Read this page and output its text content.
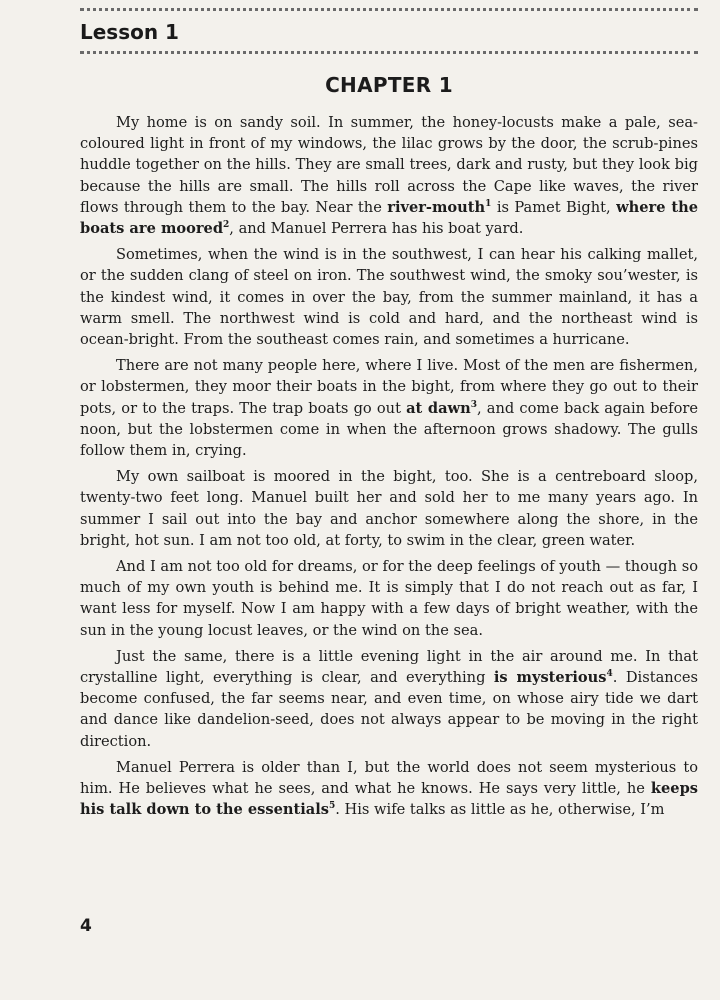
Lesson 1
CHAPTER 1

My home is on sandy soil. In summer, the honey-locusts make a pale, sea-coloured light in front of my windows, the lilac grows by the door, the scrub-pines huddle together on the hills. They are small trees, dark and rusty, but they look big because the hills are small. The hills roll across the Cape like waves, the river flows through them to the bay. Near the river-mouth$^1$ is Pamet Bight, where the boats are moored$^2$, and Manuel Perrera has his boat yard.

Sometimes, when the wind is in the southwest, I can hear his calking mallet, or the sudden clang of steel on iron. The southwest wind, the smoky sou’wester, is the kindest wind, it comes in over the bay, from the summer mainland, it has a warm smell. The northwest wind is cold and hard, and the northeast wind is ocean-bright. From the southeast comes rain, and sometimes a hurricane.

There are not many people here, where I live. Most of the men are fishermen, or lobstermen, they moor their boats in the bight, from where they go out to their pots, or to the traps. The trap boats go out at dawn$^3$, and come back again before noon, but the lobstermen come in when the afternoon grows shadowy. The gulls follow them in, crying.

My own sailboat is moored in the bight, too. She is a centreboard sloop, twenty-two feet long. Manuel built her and sold her to me many years ago. In summer I sail out into the bay and anchor somewhere along the shore, in the bright, hot sun. I am not too old, at forty, to swim in the clear, green water.

And I am not too old for dreams, or for the deep feelings of youth — though so much of my own youth is behind me. It is simply that I do not reach out as far, I want less for myself. Now I am happy with a few days of bright weather, with the sun in the young locust leaves, or the wind on the sea.

Just the same, there is a little evening light in the air around me. In that crystalline light, everything is clear, and everything is mysterious$^4$. Distances become confused, the far seems near, and even time, on whose airy tide we dart and dance like dandelion-seed, does not always appear to be moving in the right direction.

Manuel Perrera is older than I, but the world does not seem mysterious to him. He believes what he sees, and what he knows. He says very little, he keeps his talk down to the essentials$^5$. His wife talks as little as he, otherwise, I’m

4
